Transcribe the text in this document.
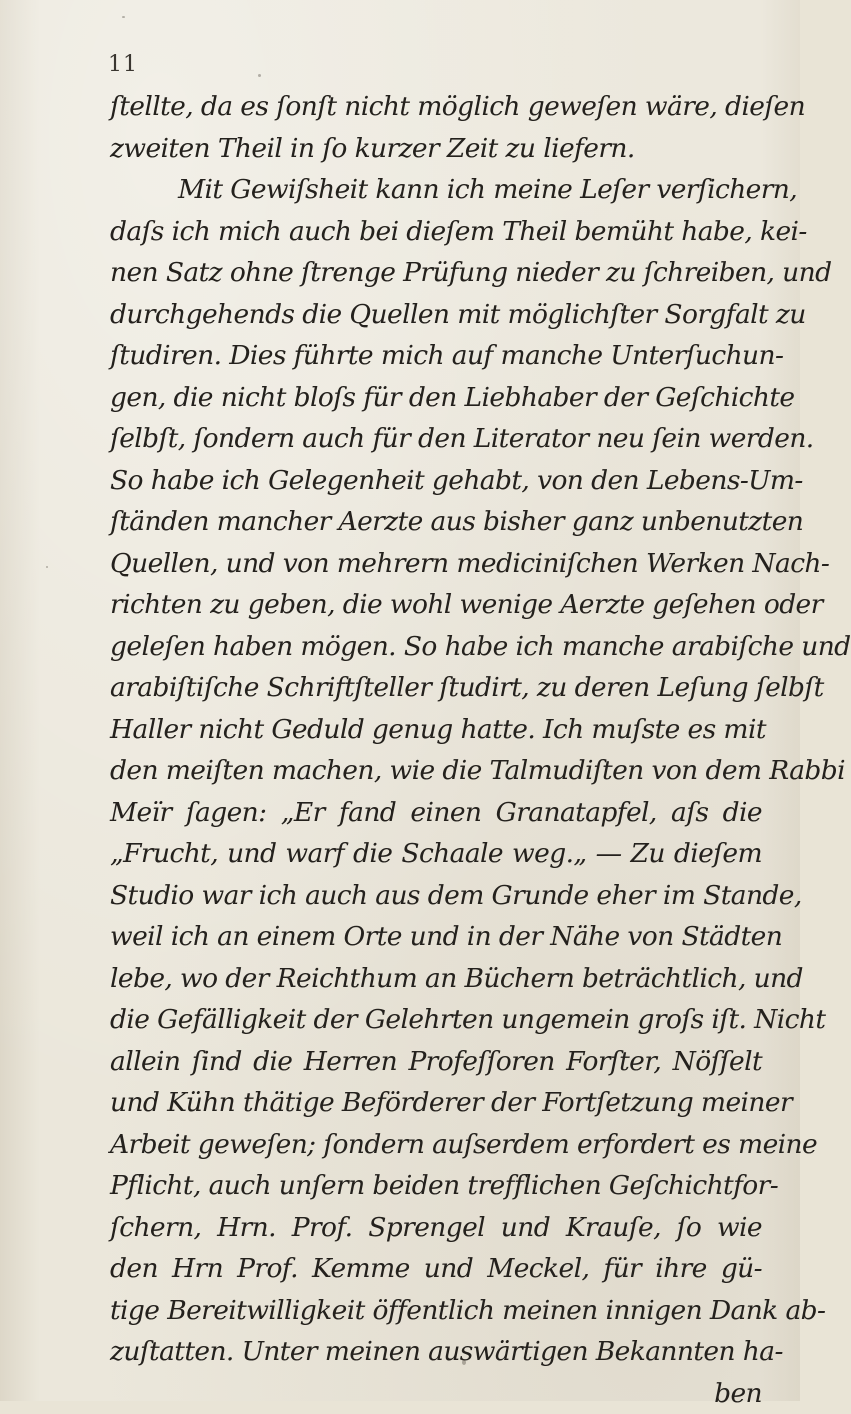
11
ſtellte, da es ſonſt nicht möglich geweſen wäre, dieſen
zweiten Theil in ſo kurzer Zeit zu liefern.
Mit Gewiſsheit kann ich meine Leſer verſichern,
daſs ich mich auch bei dieſem Theil bemüht habe, kei-
nen Satz ohne ſtrenge Prüfung nieder zu ſchreiben, und
durchgehends die Quellen mit möglichſter Sorgfalt zu
ſtudiren. Dies führte mich auf manche Unterſuchun-
gen, die nicht bloſs für den Liebhaber der Geſchichte
ſelbſt, ſondern auch für den Literator neu ſein werden.
So habe ich Gelegenheit gehabt, von den Lebens-Um-
ſtänden mancher Aerzte aus bisher ganz unbenutzten
Quellen, und von mehrern mediciniſchen Werken Nach-
richten zu geben, die wohl wenige Aerzte geſehen oder
geleſen haben mögen. So habe ich manche arabiſche und
arabiſtiſche Schriftſteller ſtudirt, zu deren Leſung ſelbſt
Haller nicht Geduld genug hatte. Ich muſste es mit
den meiſten machen, wie die Talmudiſten von dem Rabbi
Meïr ſagen: „Er fand einen Granatapfel, aſs die
„Frucht, und warf die Schaale weg.„ — Zu dieſem
Studio war ich auch aus dem Grunde eher im Stande,
weil ich an einem Orte und in der Nähe von Städten
lebe, wo der Reichthum an Büchern beträchtlich, und
die Gefälligkeit der Gelehrten ungemein groſs iſt. Nicht
allein ſind die Herren Profeſſoren Forſter, Nöſſelt
und Kühn thätige Beförderer der Fortſetzung meiner
Arbeit geweſen; ſondern auſserdem erfordert es meine
Pflicht, auch unſern beiden trefflichen Geſchichtfor-
ſchern, Hrn. Prof. Sprengel und Krauſe, ſo wie
den Hrn Prof. Kemme und Meckel, für ihre gü-
tige Bereitwilligkeit öffentlich meinen innigen Dank ab-
zuſtatten. Unter meinen auswärtigen Bekannten ha-
ben
